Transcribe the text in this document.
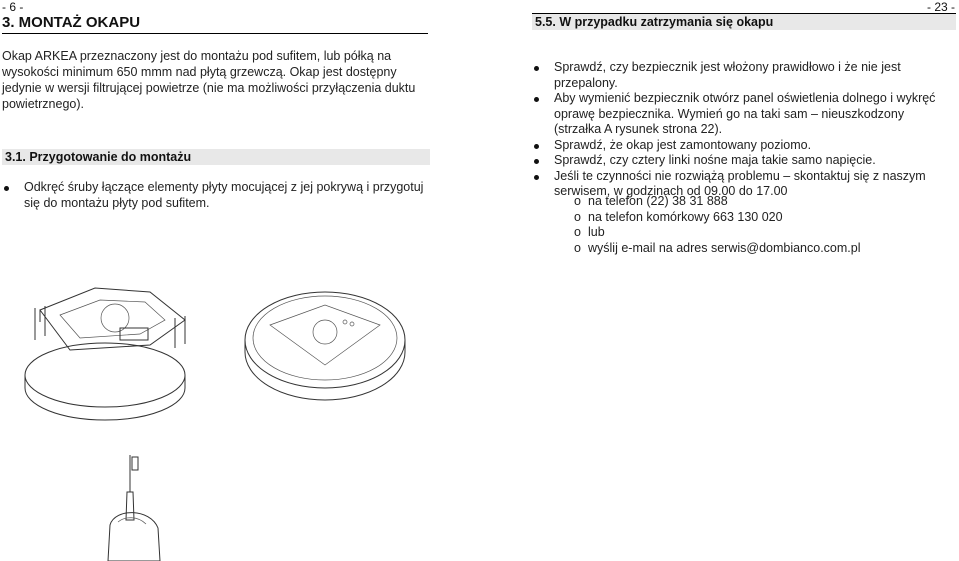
- 6 -
3. MONTAŻ OKAPU
Okap ARKEA przeznaczony jest do montażu pod sufitem, lub półką na wysokości minimum 650 mmm nad płytą grzewczą. Okap jest dostępny jedynie w wersji filtrującej powietrze (nie ma możliwości przyłączenia duktu powietrznego).
3.1. Przygotowanie do montażu
Odkręć śruby łączące elementy płyty mocującej z jej pokrywą i przygotuj się do montażu płyty pod sufitem.
- 23 -
5.5. W przypadku zatrzymania się okapu
Sprawdź, czy bezpiecznik jest włożony prawidłowo i że nie jest przepalony.
Aby wymienić bezpiecznik otwórz panel oświetlenia dolnego i wykręć oprawę bezpiecznika. Wymień go na taki sam – nieuszkodzony (strzałka A rysunek strona 22).
Sprawdź, że okap jest zamontowany poziomo.
Sprawdź, czy cztery linki nośne maja takie samo napięcie.
Jeśli te czynności nie rozwiążą problemu – skontaktuj się z naszym serwisem, w godzinach od 09.00 do 17.00
o na telefon (22) 38 31 888
o na telefon komórkowy 663 130 020
o lub
o wyślij e-mail na adres serwis@dombianco.com.pl
